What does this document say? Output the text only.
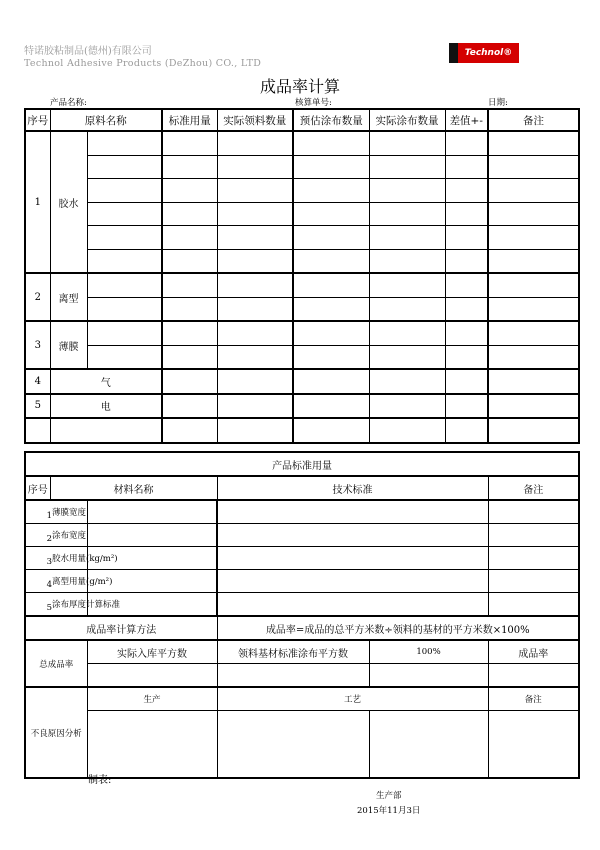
特诺胶粘制品(德州)有限公司
Technol Adhesive Products (DeZhou) CO., LTD
Technol®
成品率计算
产品名称:	核算单号:	日期:
序号	原料名称		标准用量	实际领料数量	预估涂布数量	实际涂布数量	差值+-	备注
1	胶水							

2	离型							

3	薄膜							

4	气							
5	电							

产品标准用量					
序号	材料名称		技术标准		备注
1薄膜宽度					
2涂布宽度					
3胶水用量(kg/m²)					
4离型用量(g/m²)					
5涂布厚度计算标准					
成品率计算方法			成品率=成品的总平方米数÷领料的基材的平方米数×100%		
总成品率		实际入库平方数	领料基材标准涂布平方数	100%	成品率

不良原因分析		生产	工艺		备注

制表:
生产部
2015年11月3日
